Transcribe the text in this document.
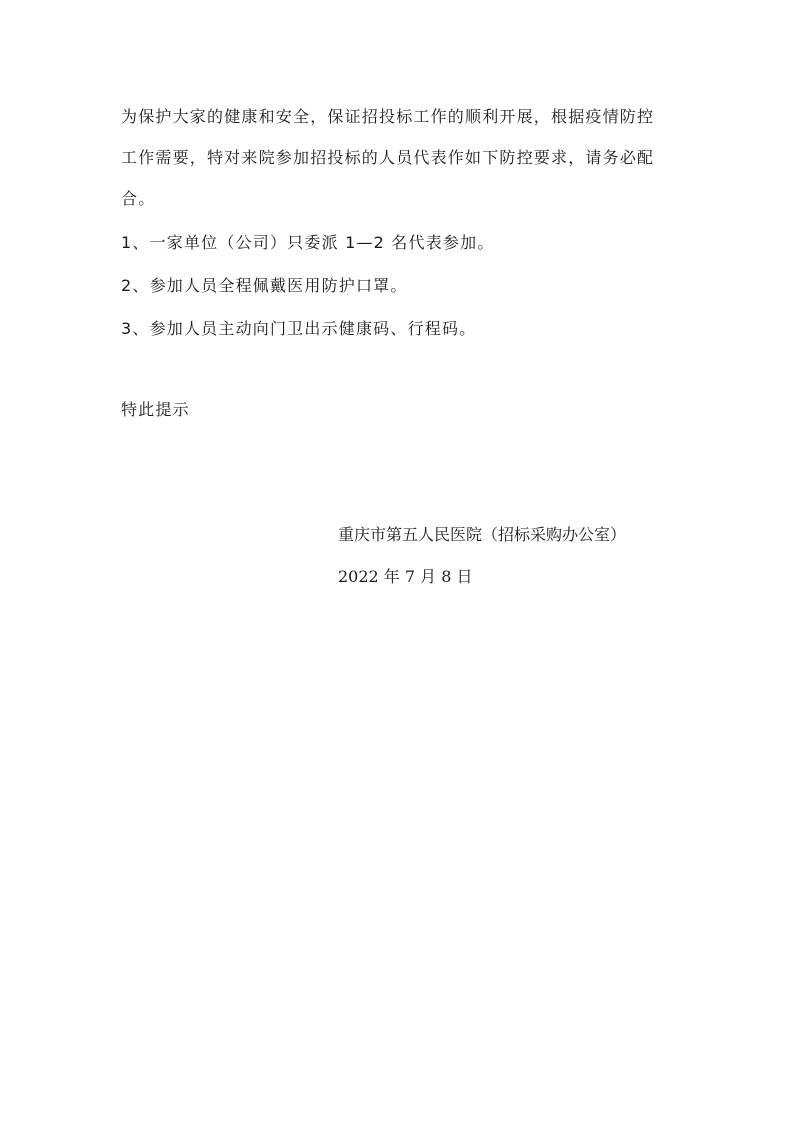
为保护大家的健康和安全，保证招投标工作的顺利开展，根据疫情防控
工作需要，特对来院参加招投标的人员代表作如下防控要求，请务必配
合。

1、一家单位（公司）只委派 1—2 名代表参加。

2、参加人员全程佩戴医用防护口罩。

3、参加人员主动向门卫出示健康码、行程码。

特此提示

重庆市第五人民医院（招标采购办公室）

2022 年 7 月 8 日
